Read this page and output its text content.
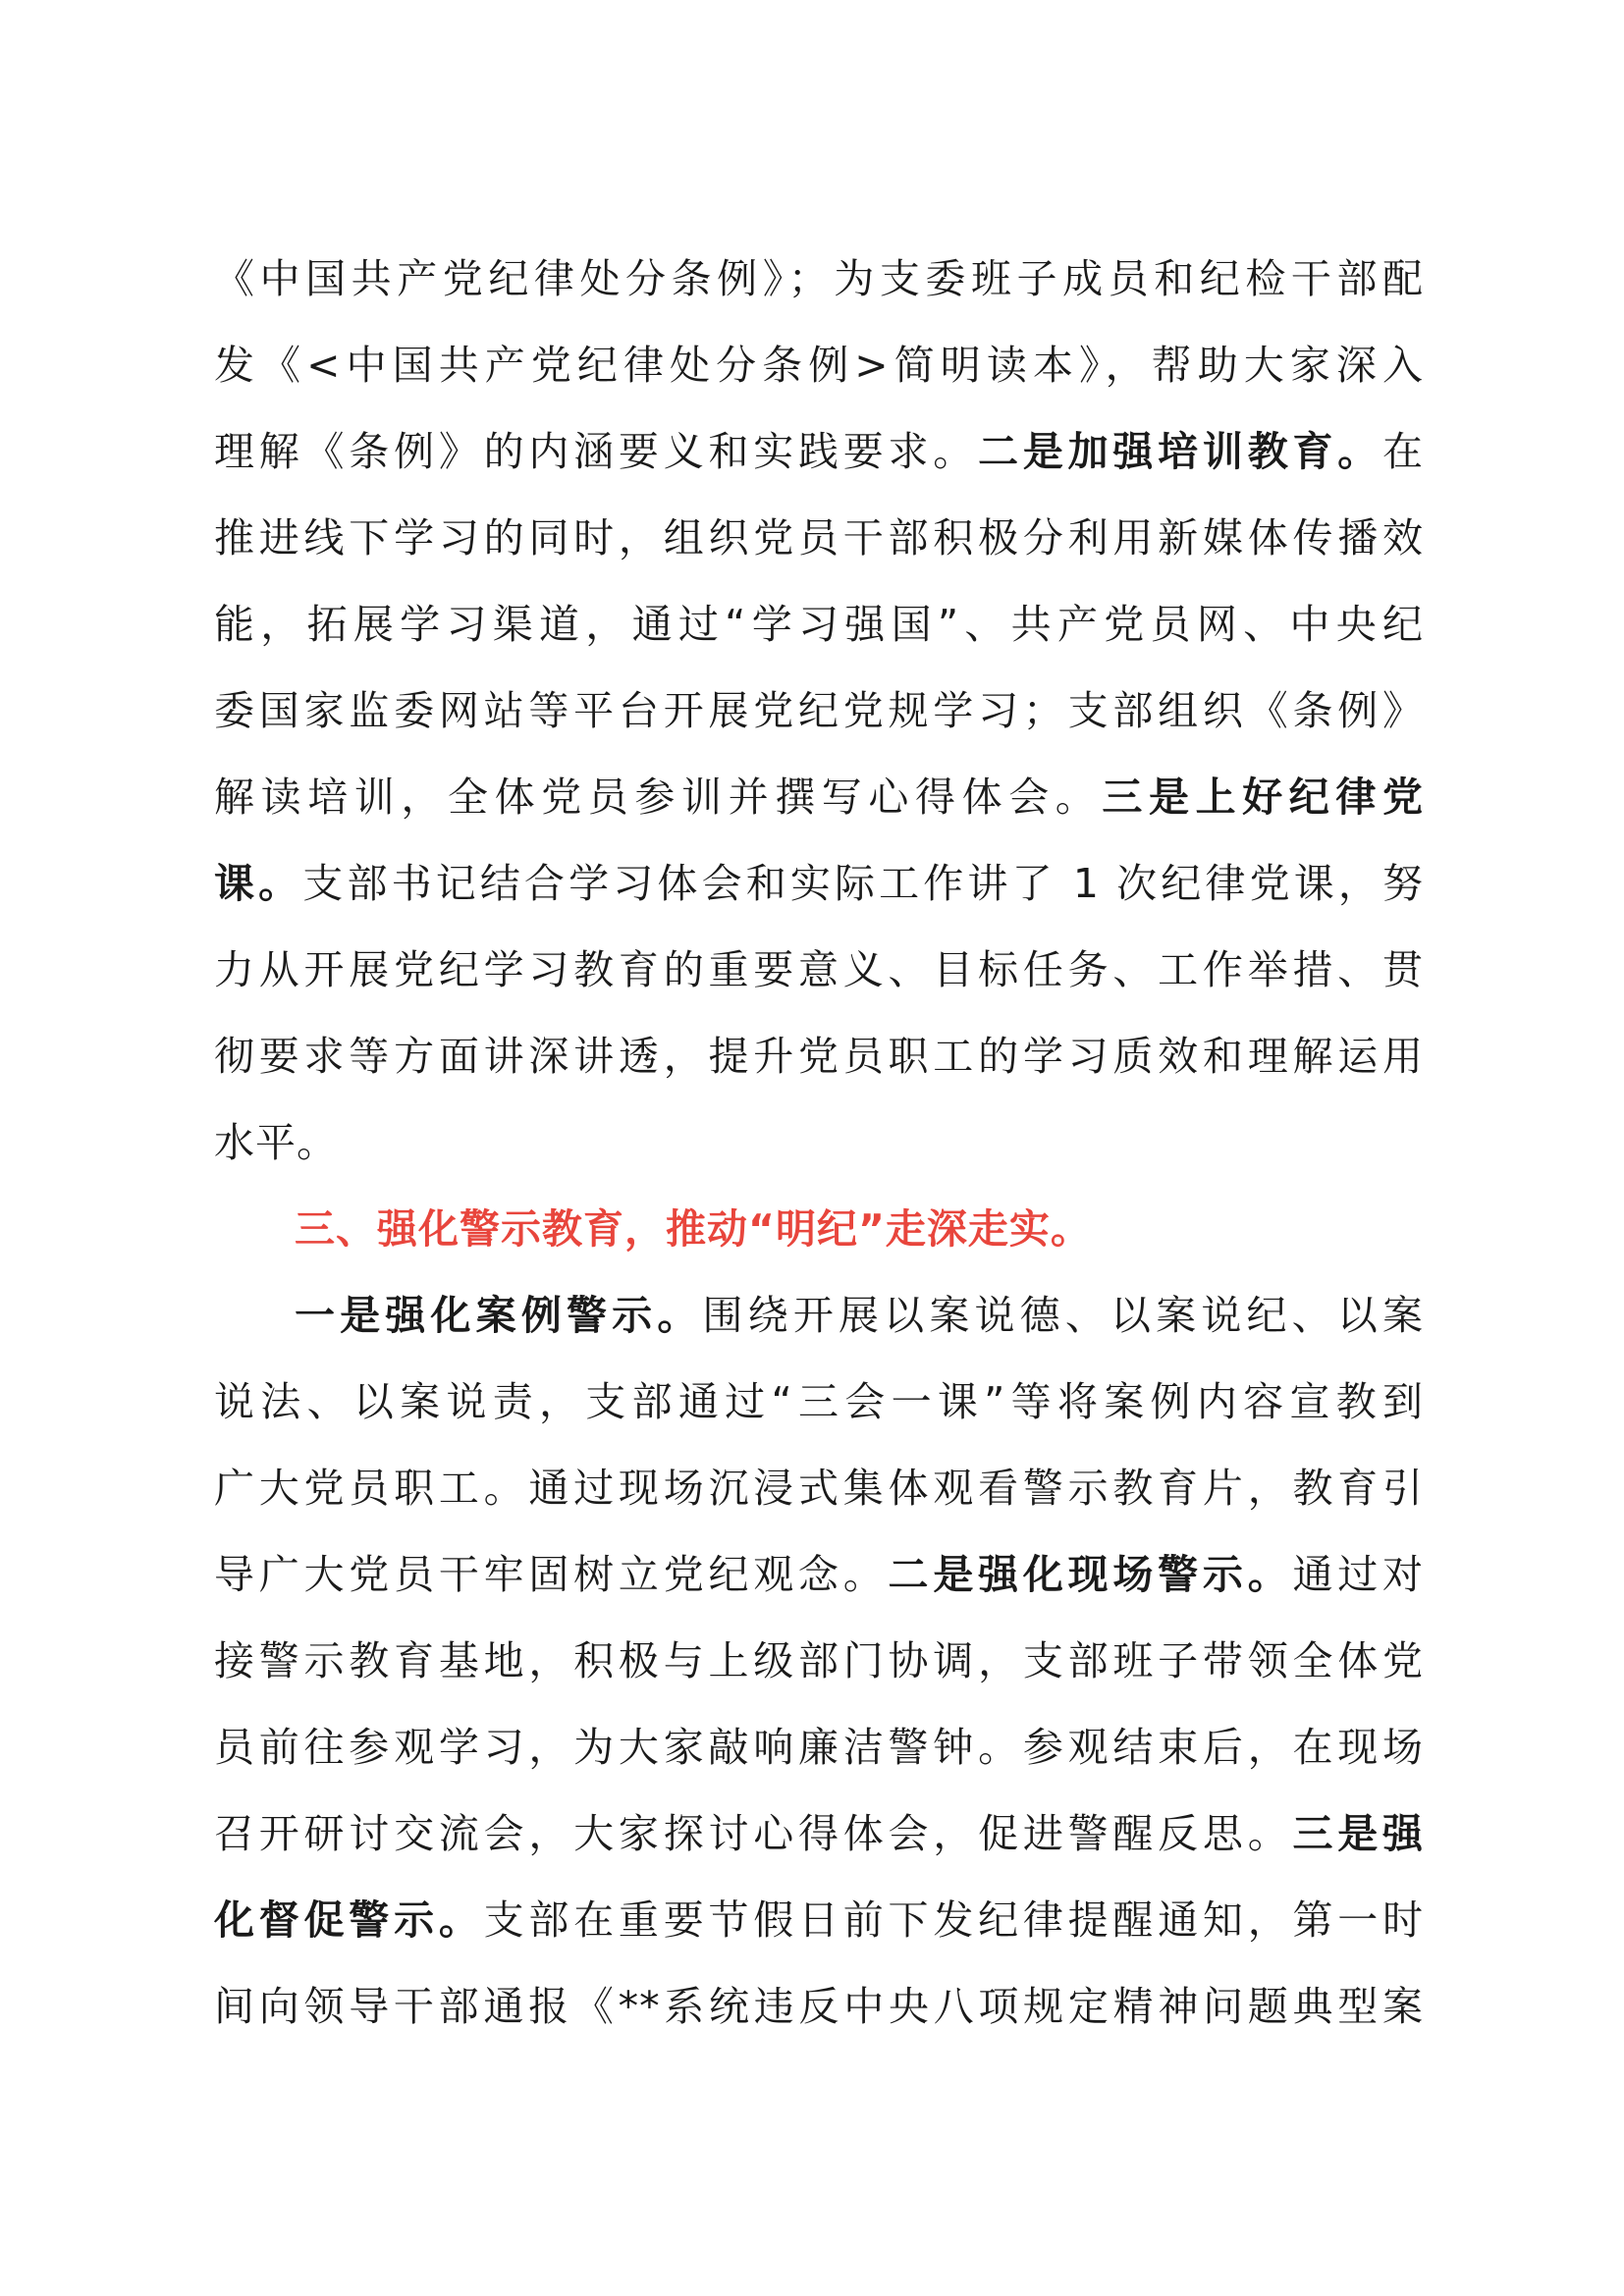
《中国共产党纪律处分条例》；为支委班子成员和纪检干部配
发《<中国共产党纪律处分条例>简明读本》，帮助大家深入
理解《条例》的内涵要义和实践要求。二是加强培训教育。在
推进线下学习的同时，组织党员干部积极分利用新媒体传播效
能，拓展学习渠道，通过“学习强国”、共产党员网、中央纪
委国家监委网站等平台开展党纪党规学习；支部组织《条例》
解读培训，全体党员参训并撰写心得体会。三是上好纪律党
课。支部书记结合学习体会和实际工作讲了 1 次纪律党课，努
力从开展党纪学习教育的重要意义、目标任务、工作举措、贯
彻要求等方面讲深讲透，提升党员职工的学习质效和理解运用
水平。
三、强化警示教育，推动“明纪”走深走实。
一是强化案例警示。围绕开展以案说德、以案说纪、以案
说法、以案说责，支部通过“三会一课”等将案例内容宣教到
广大党员职工。通过现场沉浸式集体观看警示教育片，教育引
导广大党员干牢固树立党纪观念。二是强化现场警示。通过对
接警示教育基地，积极与上级部门协调，支部班子带领全体党
员前往参观学习，为大家敲响廉洁警钟。参观结束后，在现场
召开研讨交流会，大家探讨心得体会，促进警醒反思。三是强
化督促警示。支部在重要节假日前下发纪律提醒通知，第一时
间向领导干部通报《**系统违反中央八项规定精神问题典型案
